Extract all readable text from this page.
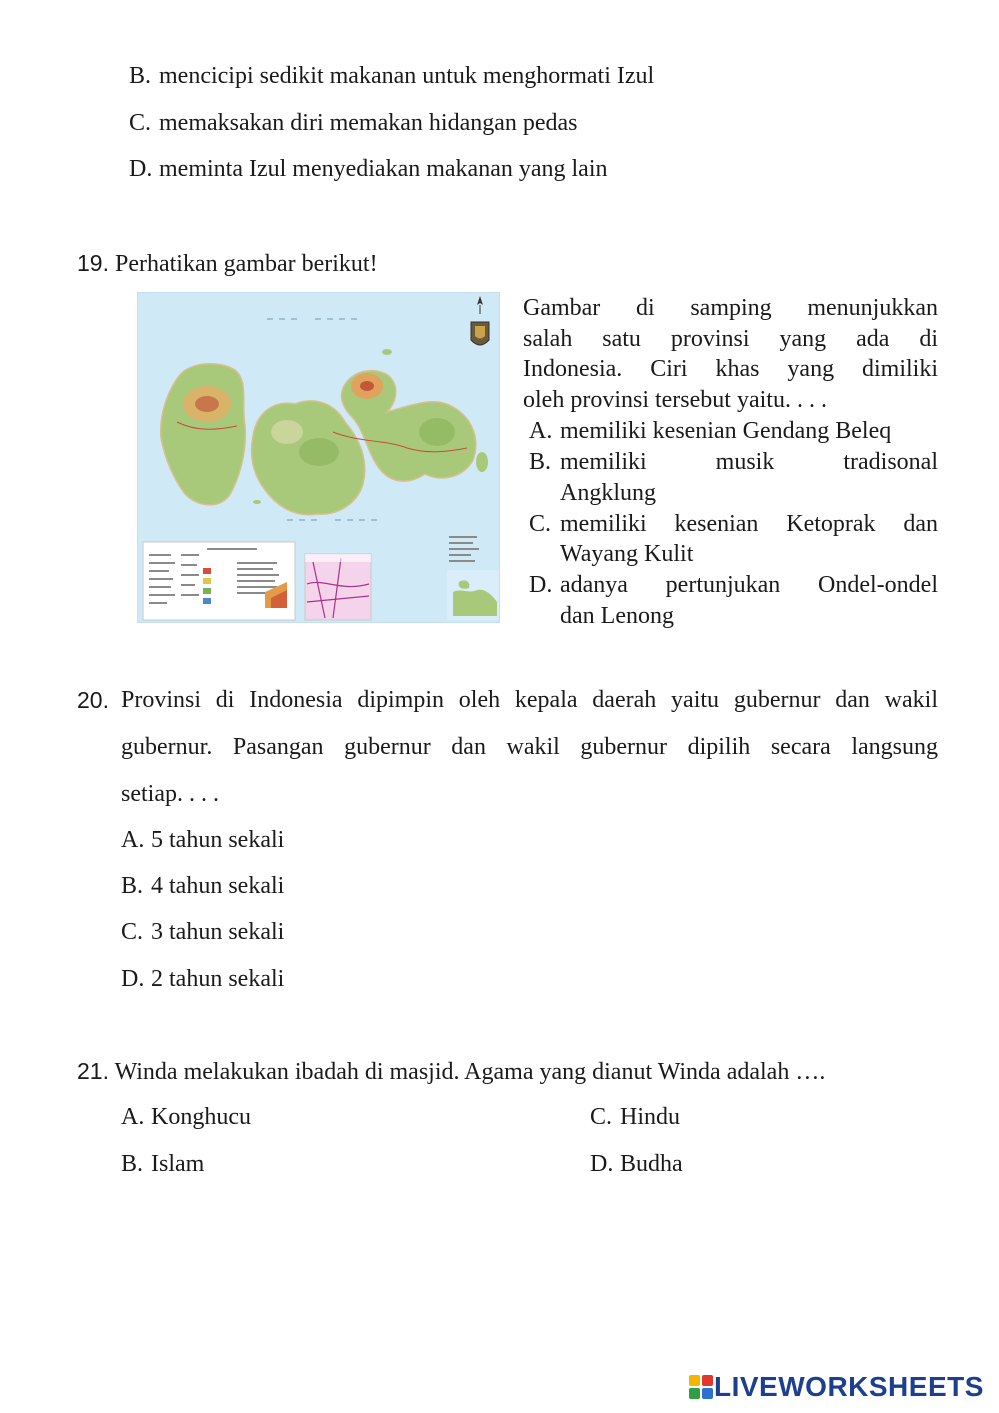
B. mencicipi sedikit makanan untuk menghormati Izul
C. memaksakan diri memakan hidangan pedas
D. meminta Izul menyediakan makanan yang lain
19. Perhatikan gambar berikut!
Gambar di samping menunjukkan
salah satu provinsi yang ada di
Indonesia. Ciri khas yang dimiliki
oleh provinsi tersebut yaitu. . . .
A. memiliki kesenian Gendang Beleq
B. memiliki musik tradisonal
Angklung
C. memiliki kesenian Ketoprak dan
Wayang Kulit
D. adanya pertunjukan Ondel-ondel
dan Lenong
20. Provinsi di Indonesia dipimpin oleh kepala daerah yaitu gubernur dan wakil
gubernur. Pasangan gubernur dan wakil gubernur dipilih secara langsung
setiap. . . .
A. 5 tahun sekali
B. 4 tahun sekali
C. 3 tahun sekali
D. 2 tahun sekali
21. Winda melakukan ibadah di masjid. Agama yang dianut Winda adalah ….
A. Konghucu	C. Hindu
B. Islam	D. Budha
LIVEWORKSHEETS
